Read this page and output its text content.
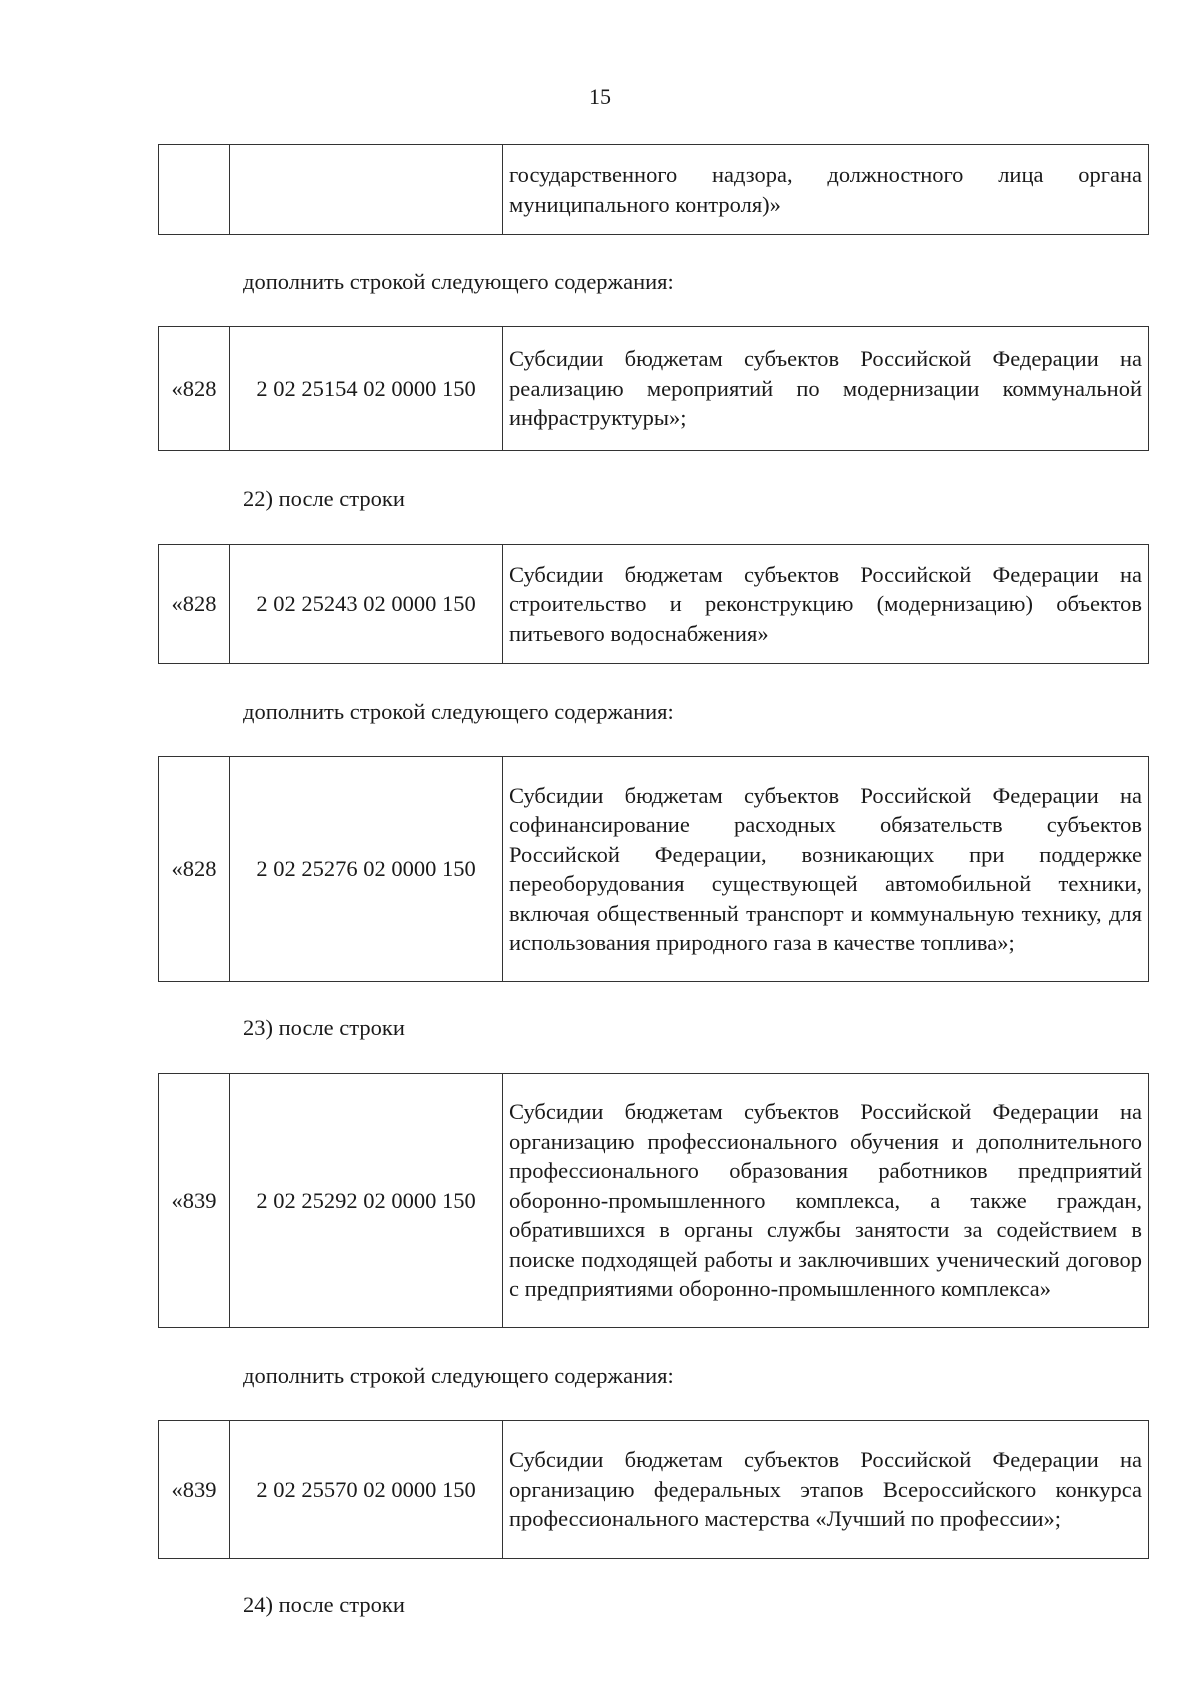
15
		государственного надзора, должностного лица органа муниципального контроля)»
дополнить строкой следующего содержания:
«828	2 02 25154 02 0000 150	Субсидии бюджетам субъектов Российской Федерации на реализацию мероприятий по модернизации коммунальной инфраструктуры»;
22) после строки
«828	2 02 25243 02 0000 150	Субсидии бюджетам субъектов Российской Федерации на строительство и реконструкцию (модернизацию) объектов питьевого водоснабжения»
дополнить строкой следующего содержания:
«828	2 02 25276 02 0000 150	Субсидии бюджетам субъектов Российской Федерации на софинансирование расходных обязательств субъектов Российской Федерации, возникающих при поддержке переоборудования существующей автомобильной техники, включая общественный транспорт и коммунальную технику, для использования природного газа в качестве топлива»;
23) после строки
«839	2 02 25292 02 0000 150	Субсидии бюджетам субъектов Российской Федерации на организацию профессионального обучения и дополнительного профессионального образования работников предприятий оборонно-промышленного комплекса, а также граждан, обратившихся в органы службы занятости за содействием в поиске подходящей работы и заключивших ученический договор с предприятиями оборонно-промышленного комплекса»
дополнить строкой следующего содержания:
«839	2 02 25570 02 0000 150	Субсидии бюджетам субъектов Российской Федерации на организацию федеральных этапов Всероссийского конкурса профессионального мастерства «Лучший по профессии»;
24) после строки
